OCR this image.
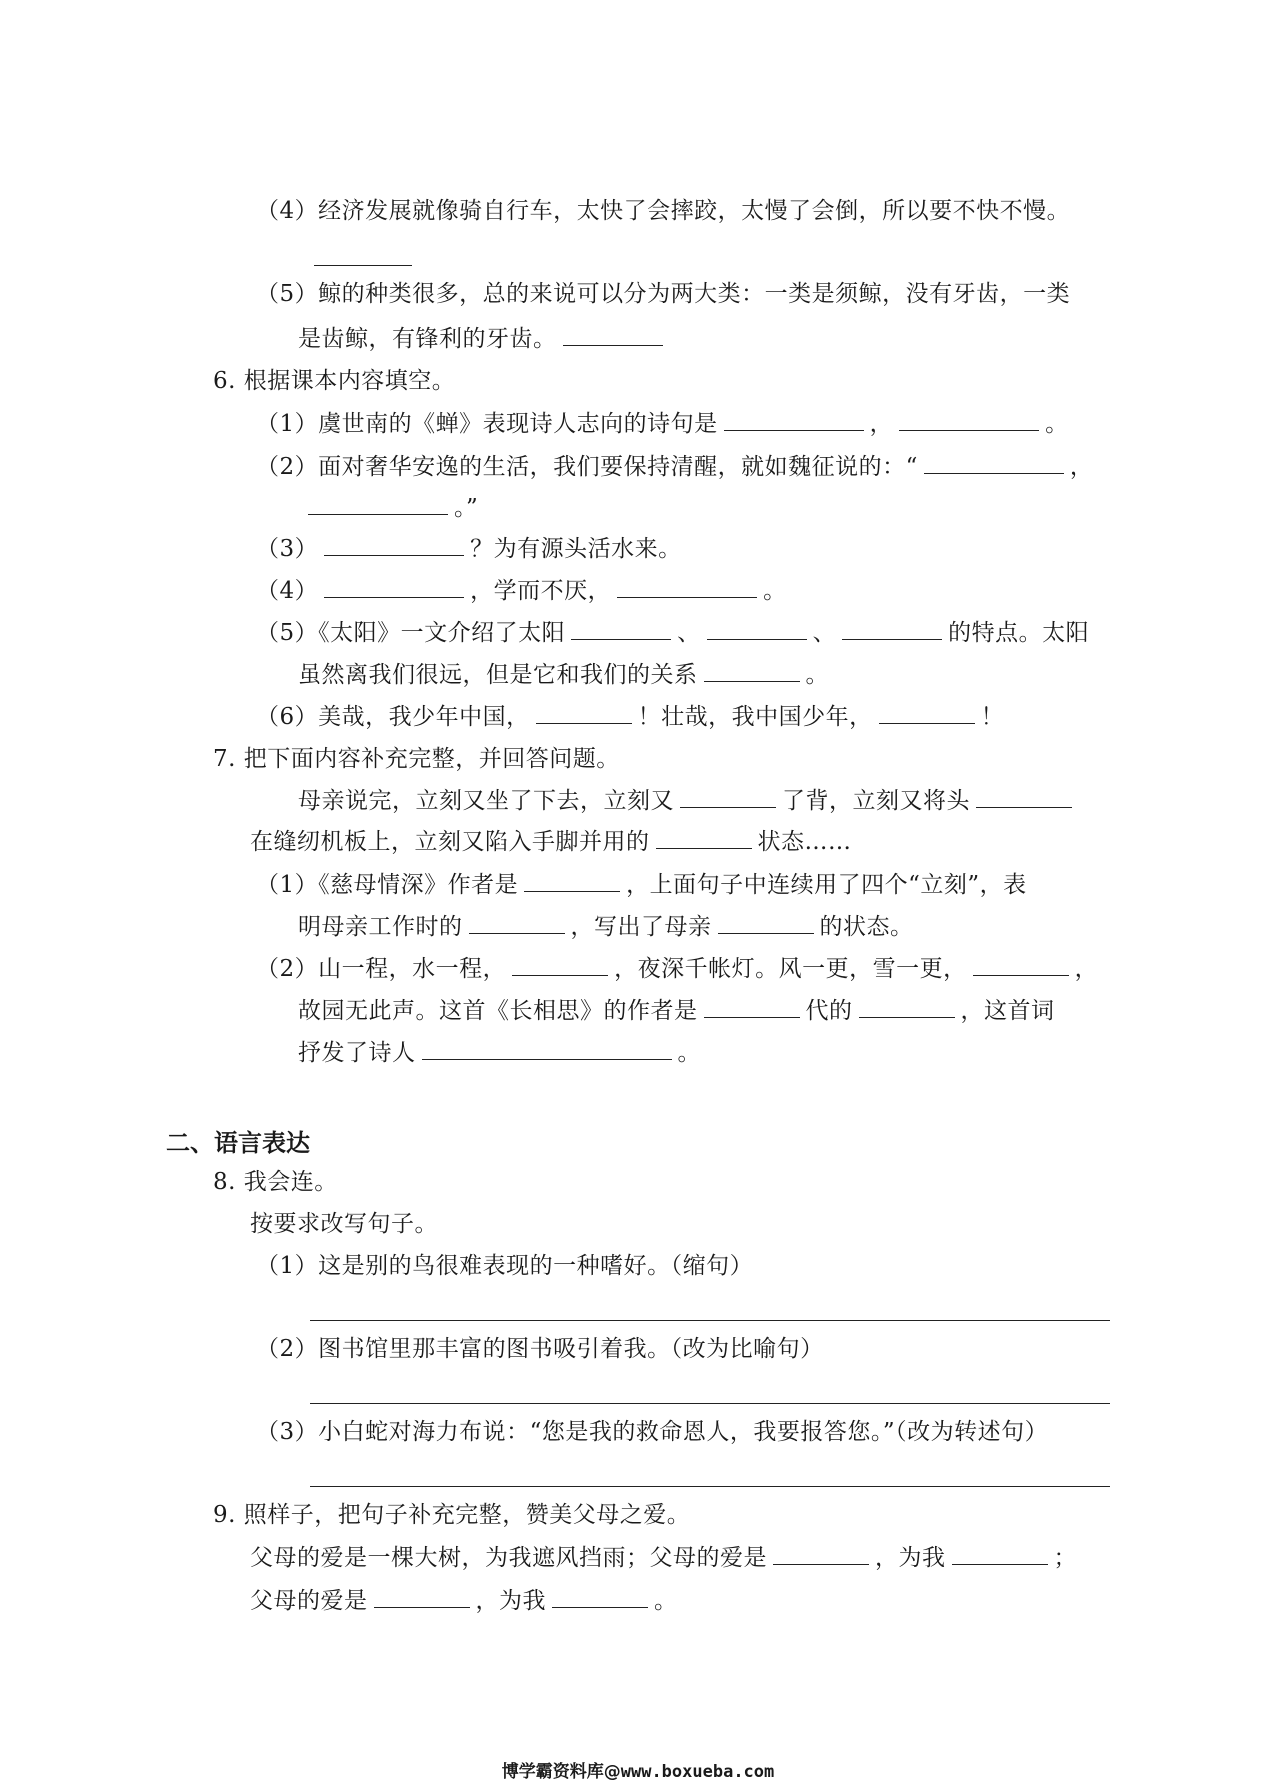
（4）经济发展就像骑自行车，太快了会摔跤，太慢了会倒，所以要不快不慢。
（5）鲸的种类很多，总的来说可以分为两大类：一类是须鲸，没有牙齿，一类
是齿鲸，有锋利的牙齿。
6. 根据课本内容填空。
（1）虞世南的《蝉》表现诗人志向的诗句是	，	。
（2）面对奢华安逸的生活，我们要保持清醒，就如魏征说的：“	，
。”
（3）	？为有源头活水来。
（4）	，学而不厌，	。
（5）《太阳》一文介绍了太阳	、	、	的特点。太阳
虽然离我们很远，但是它和我们的关系	。
（6）美哉，我少年中国，	！壮哉，我中国少年，	！
7. 把下面内容补充完整，并回答问题。
母亲说完，立刻又坐了下去，立刻又	了背，立刻又将头
在缝纫机板上，立刻又陷入手脚并用的	状态……
（1）《慈母情深》作者是	，上面句子中连续用了四个“立刻”，表
明母亲工作时的	，写出了母亲	的状态。
（2）山一程，水一程，	，夜深千帐灯。风一更，雪一更，	，
故园无此声。这首《长相思》的作者是	代的	，这首词
抒发了诗人	。
二、语言表达
8. 我会连。
按要求改写句子。
（1）这是别的鸟很难表现的一种嗜好。（缩句）
（2）图书馆里那丰富的图书吸引着我。（改为比喻句）
（3）小白蛇对海力布说：“您是我的救命恩人，我要报答您。”（改为转述句）
9. 照样子，把句子补充完整，赞美父母之爱。
父母的爱是一棵大树，为我遮风挡雨；父母的爱是	，为我	；
父母的爱是	，为我	。
博学霸资料库@www.boxueba.com
